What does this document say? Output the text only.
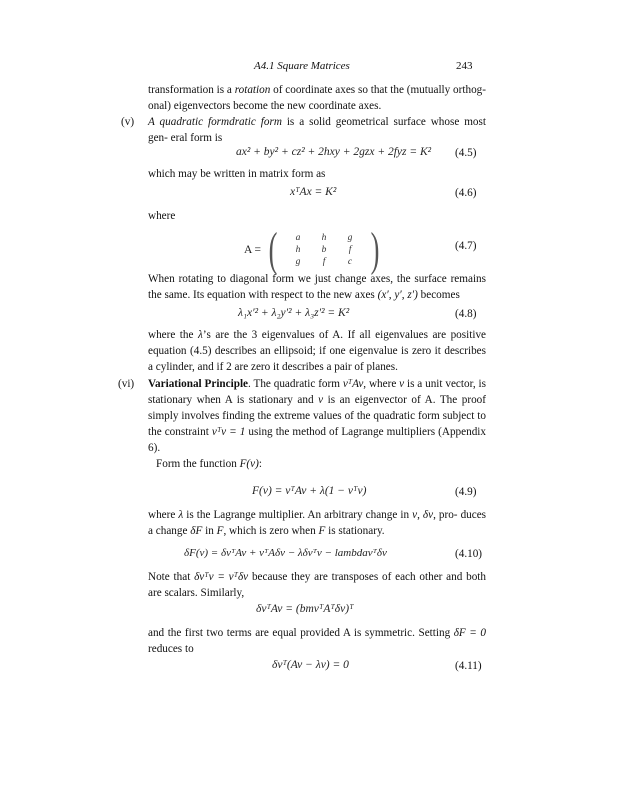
A4.1 Square Matrices	243
transformation is a rotation of coordinate axes so that the (mutually orthog- onal) eigenvectors become the new coordinate axes.
(v) A quadratic formdratic form is a solid geometrical surface whose most gen- eral form is
ax² + by² + cz² + 2hxy + 2gzx + 2fyz = K² (4.5)
which may be written in matrix form as
xᵀAx = K²	(4.6)
where
A = (	a	h	g
h	b	f
g	f	c )	(4.7)
When rotating to diagonal form we just change axes, the surface remains the same. Its equation with respect to the new axes (x′, y′, z′) becomes
λ₁x′² + λ₂y′² + λ₃z′² = K²	(4.8)
where the λ’s are the 3 eigenvalues of A. If all eigenvalues are positive equation (4.5) describes an ellipsoid; if one eigenvalue is zero it describes a cylinder, and if 2 are zero it describes a pair of planes.
(vi) Variational Principle. The quadratic form vᵀAv, where v is a unit vector, is stationary when A is stationary and v is an eigenvector of A. The proof simply involves finding the extreme values of the quadratic form subject to the constraint vᵀv = 1 using the method of Lagrange multipliers (Appendix 6).
Form the function F(v):
F(v) = vᵀAv + λ(1 − vᵀv)	(4.9)
where λ is the Lagrange multiplier. An arbitrary change in v, δv, pro- duces a change δF in F, which is zero when F is stationary.
δF(v) = δvᵀAv + vᵀAδv − λδvᵀv − lambdavᵀδv	(4.10)
Note that δvᵀv = vᵀδv because they are transposes of each other and both are scalars. Similarly,
δvᵀAv = (bmvᵀAᵀδv)ᵀ
and the first two terms are equal provided A is symmetric. Setting δF = 0 reduces to
δvᵀ(Av − λv) = 0	(4.11)
